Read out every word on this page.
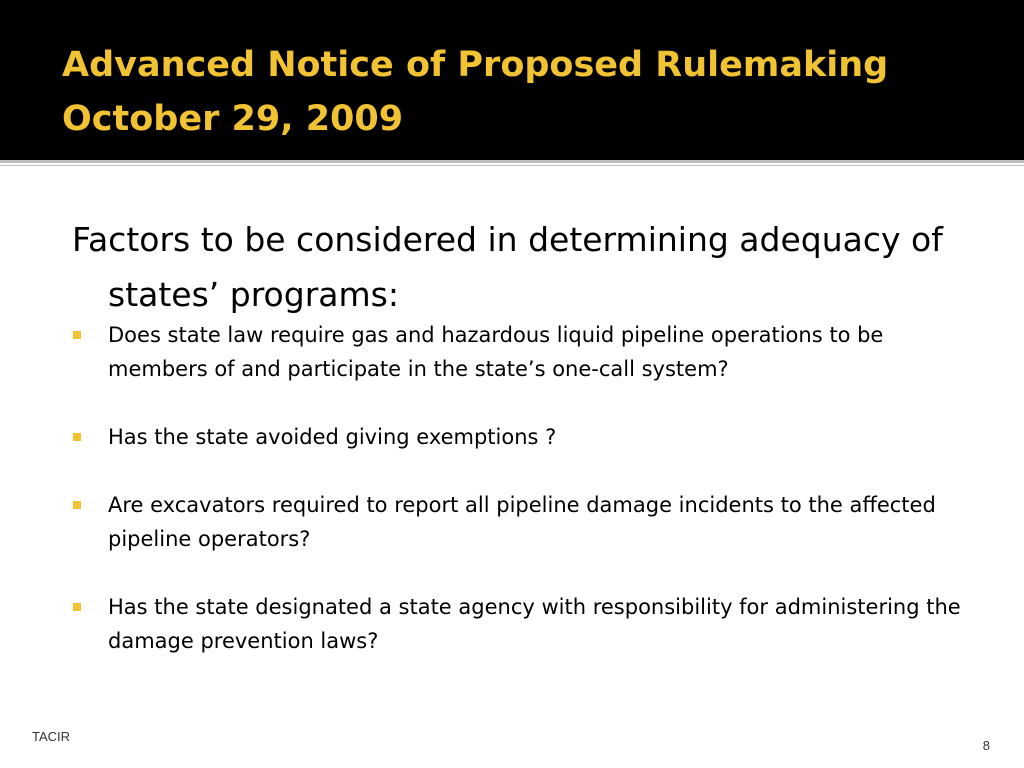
Advanced Notice of Proposed Rulemaking
October 29, 2009

Factors to be considered in determining adequacy of states’ programs:

Does state law require gas and hazardous liquid pipeline operations to be members of and participate in the state’s one-call system?
Has the state avoided giving exemptions ?
Are excavators required to report all pipeline damage incidents to the affected pipeline operators?
Has the state designated a state agency with responsibility for administering the damage prevention laws?
TACIR
8
